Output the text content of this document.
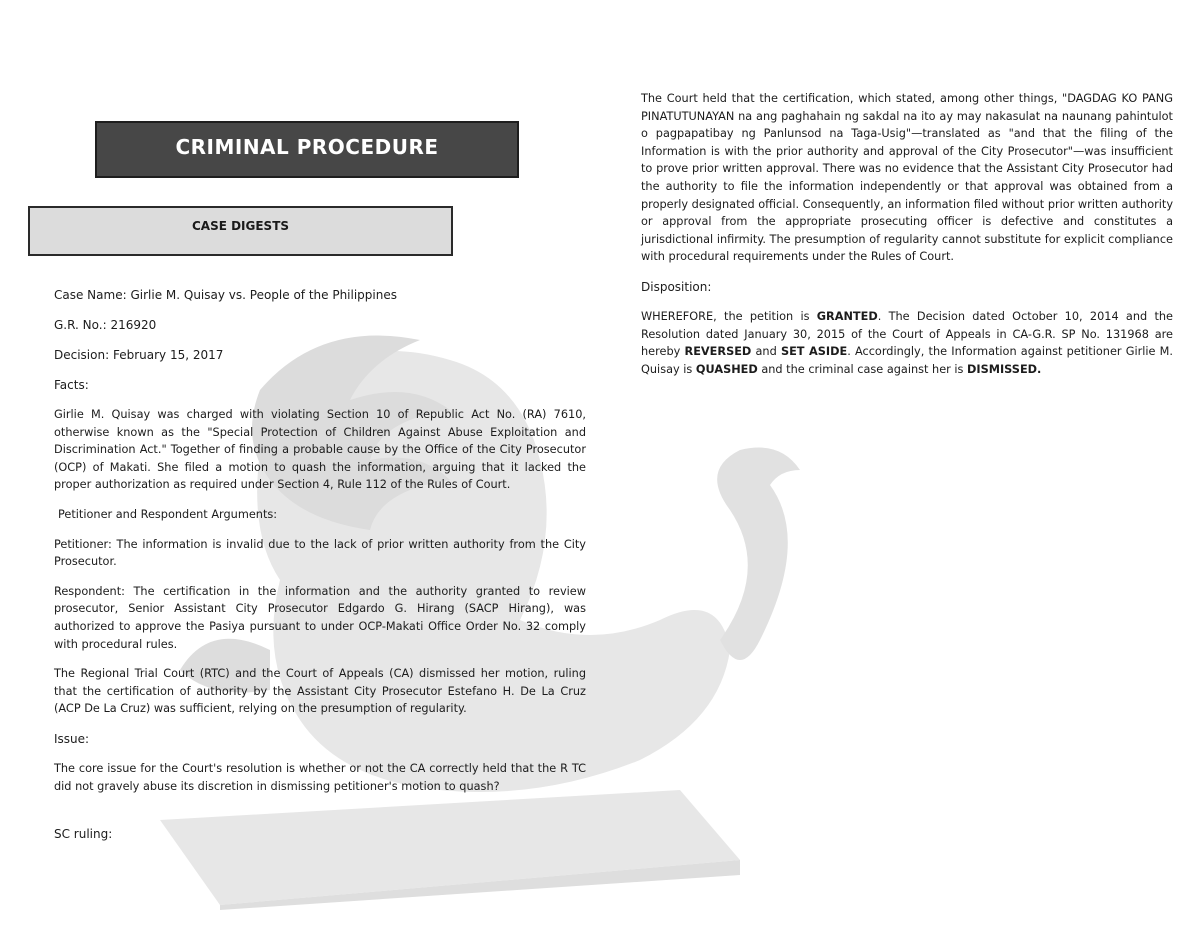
CRIMINAL PROCEDURE
CASE DIGESTS
Case Name: Girlie M. Quisay vs. People of the Philippines
G.R. No.: 216920
Decision: February 15, 2017
Facts:

Girlie M. Quisay was charged with violating Section 10 of Republic Act No. (RA) 7610, otherwise known as the "Special Protection of Children Against Abuse Exploitation and Discrimination Act." Together of finding a probable cause by the Office of the City Prosecutor (OCP) of Makati. She filed a motion to quash the information, arguing that it lacked the proper authorization as required under Section 4, Rule 112 of the Rules of Court.

Petitioner and Respondent Arguments:

Petitioner: The information is invalid due to the lack of prior written authority from the City Prosecutor.

Respondent: The certification in the information and the authority granted to review prosecutor, Senior Assistant City Prosecutor Edgardo G. Hirang (SACP Hirang), was authorized to approve the Pasiya pursuant to under OCP-Makati Office Order No. 32 comply with procedural rules.

The Regional Trial Court (RTC) and the Court of Appeals (CA) dismissed her motion, ruling that the certification of authority by the Assistant City Prosecutor Estefano H. De La Cruz (ACP De La Cruz) was sufficient, relying on the presumption of regularity.

Issue:

The core issue for the Court's resolution is whether or not the CA correctly held that the R TC did not gravely abuse its discretion in dismissing petitioner's motion to quash?

SC ruling:

The Court held that the certification, which stated, among other things, "DAGDAG KO PANG PINATUTUNAYAN na ang paghahain ng sakdal na ito ay may nakasulat na naunang pahintulot o pagpapatibay ng Panlunsod na Taga-Usig"—translated as "and that the filing of the Information is with the prior authority and approval of the City Prosecutor"—was insufficient to prove prior written approval. There was no evidence that the Assistant City Prosecutor had the authority to file the information independently or that approval was obtained from a properly designated official. Consequently, an information filed without prior written authority or approval from the appropriate prosecuting officer is defective and constitutes a jurisdictional infirmity. The presumption of regularity cannot substitute for explicit compliance with procedural requirements under the Rules of Court.

Disposition:

WHEREFORE, the petition is GRANTED. The Decision dated October 10, 2014 and the Resolution dated January 30, 2015 of the Court of Appeals in CA-G.R. SP No. 131968 are hereby REVERSED and SET ASIDE. Accordingly, the Information against petitioner Girlie M. Quisay is QUASHED and the criminal case against her is DISMISSED.
